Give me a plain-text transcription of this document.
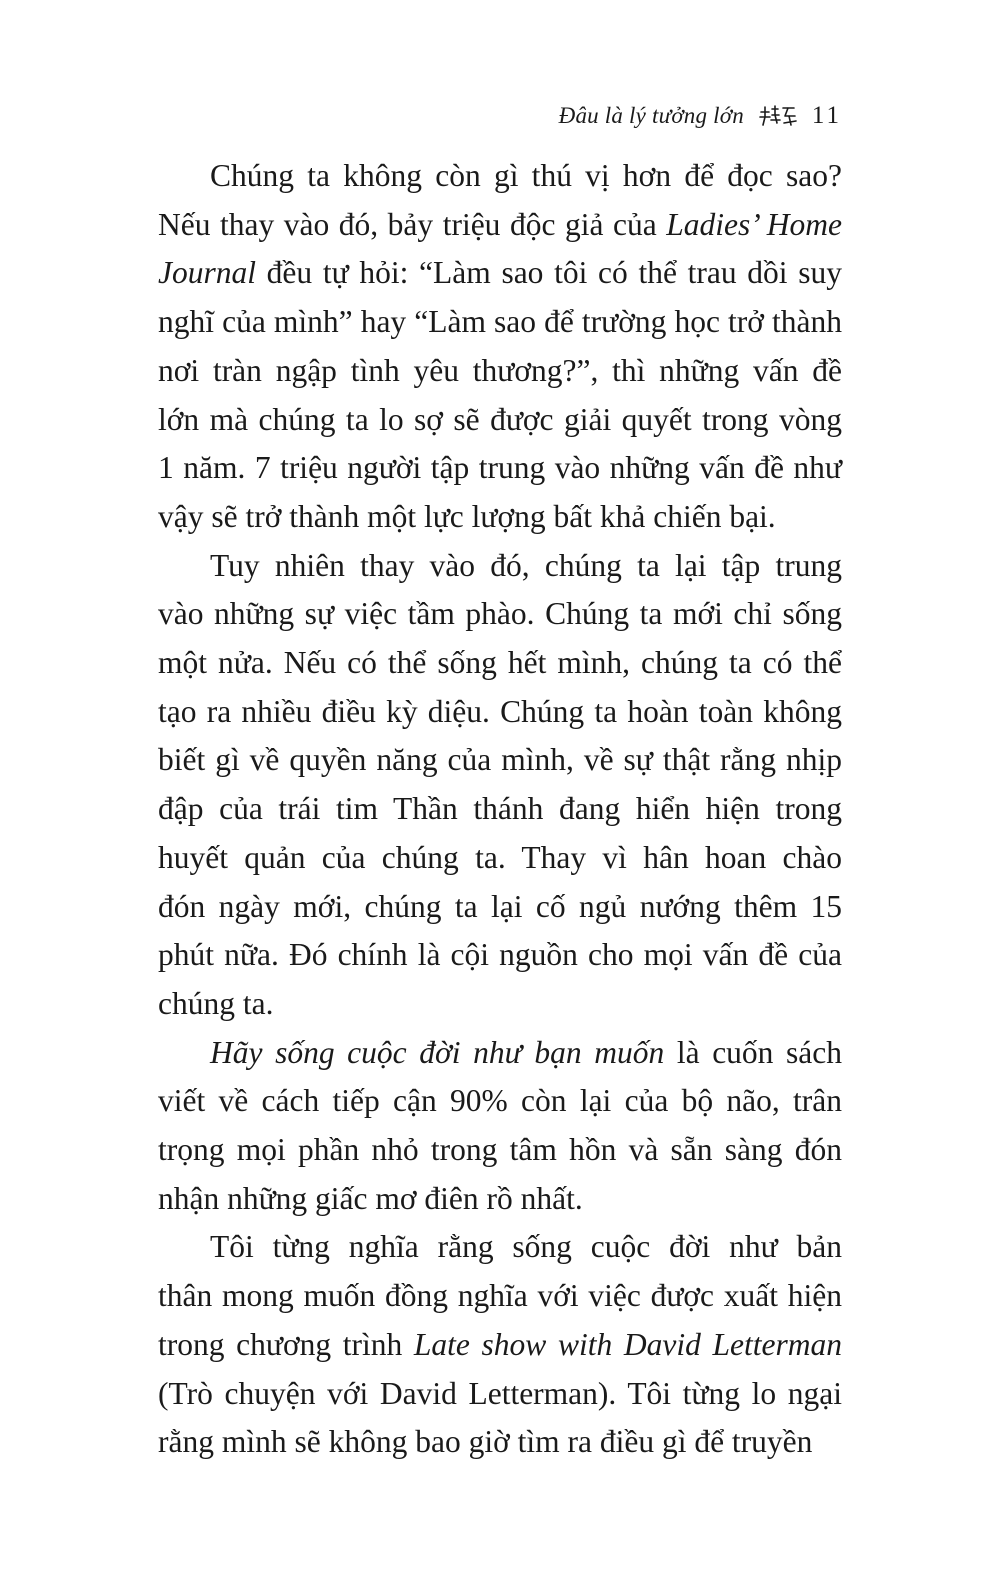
Đâu là lý tưởng lớn	11
Chúng ta không còn gì thú vị hơn để đọc sao?
Nếu thay vào đó, bảy triệu độc giả của Ladies’ Home
Journal đều tự hỏi: “Làm sao tôi có thể trau dồi suy
nghĩ của mình” hay “Làm sao để trường học trở thành
nơi tràn ngập tình yêu thương?”, thì những vấn đề
lớn mà chúng ta lo sợ sẽ được giải quyết trong vòng
1 năm. 7 triệu người tập trung vào những vấn đề như
vậy sẽ trở thành một lực lượng bất khả chiến bại.
Tuy nhiên thay vào đó, chúng ta lại tập trung
vào những sự việc tầm phào. Chúng ta mới chỉ sống
một nửa. Nếu có thể sống hết mình, chúng ta có thể
tạo ra nhiều điều kỳ diệu. Chúng ta hoàn toàn không
biết gì về quyền năng của mình, về sự thật rằng nhịp
đập của trái tim Thần thánh đang hiển hiện trong
huyết quản của chúng ta. Thay vì hân hoan chào
đón ngày mới, chúng ta lại cố ngủ nướng thêm 15
phút nữa. Đó chính là cội nguồn cho mọi vấn đề của
chúng ta.
Hãy sống cuộc đời như bạn muốn là cuốn sách
viết về cách tiếp cận 90% còn lại của bộ não, trân
trọng mọi phần nhỏ trong tâm hồn và sẵn sàng đón
nhận những giấc mơ điên rồ nhất.
Tôi từng nghĩa rằng sống cuộc đời như bản
thân mong muốn đồng nghĩa với việc được xuất hiện
trong chương trình Late show with David Letterman
(Trò chuyện với David Letterman). Tôi từng lo ngại
rằng mình sẽ không bao giờ tìm ra điều gì để truyền
